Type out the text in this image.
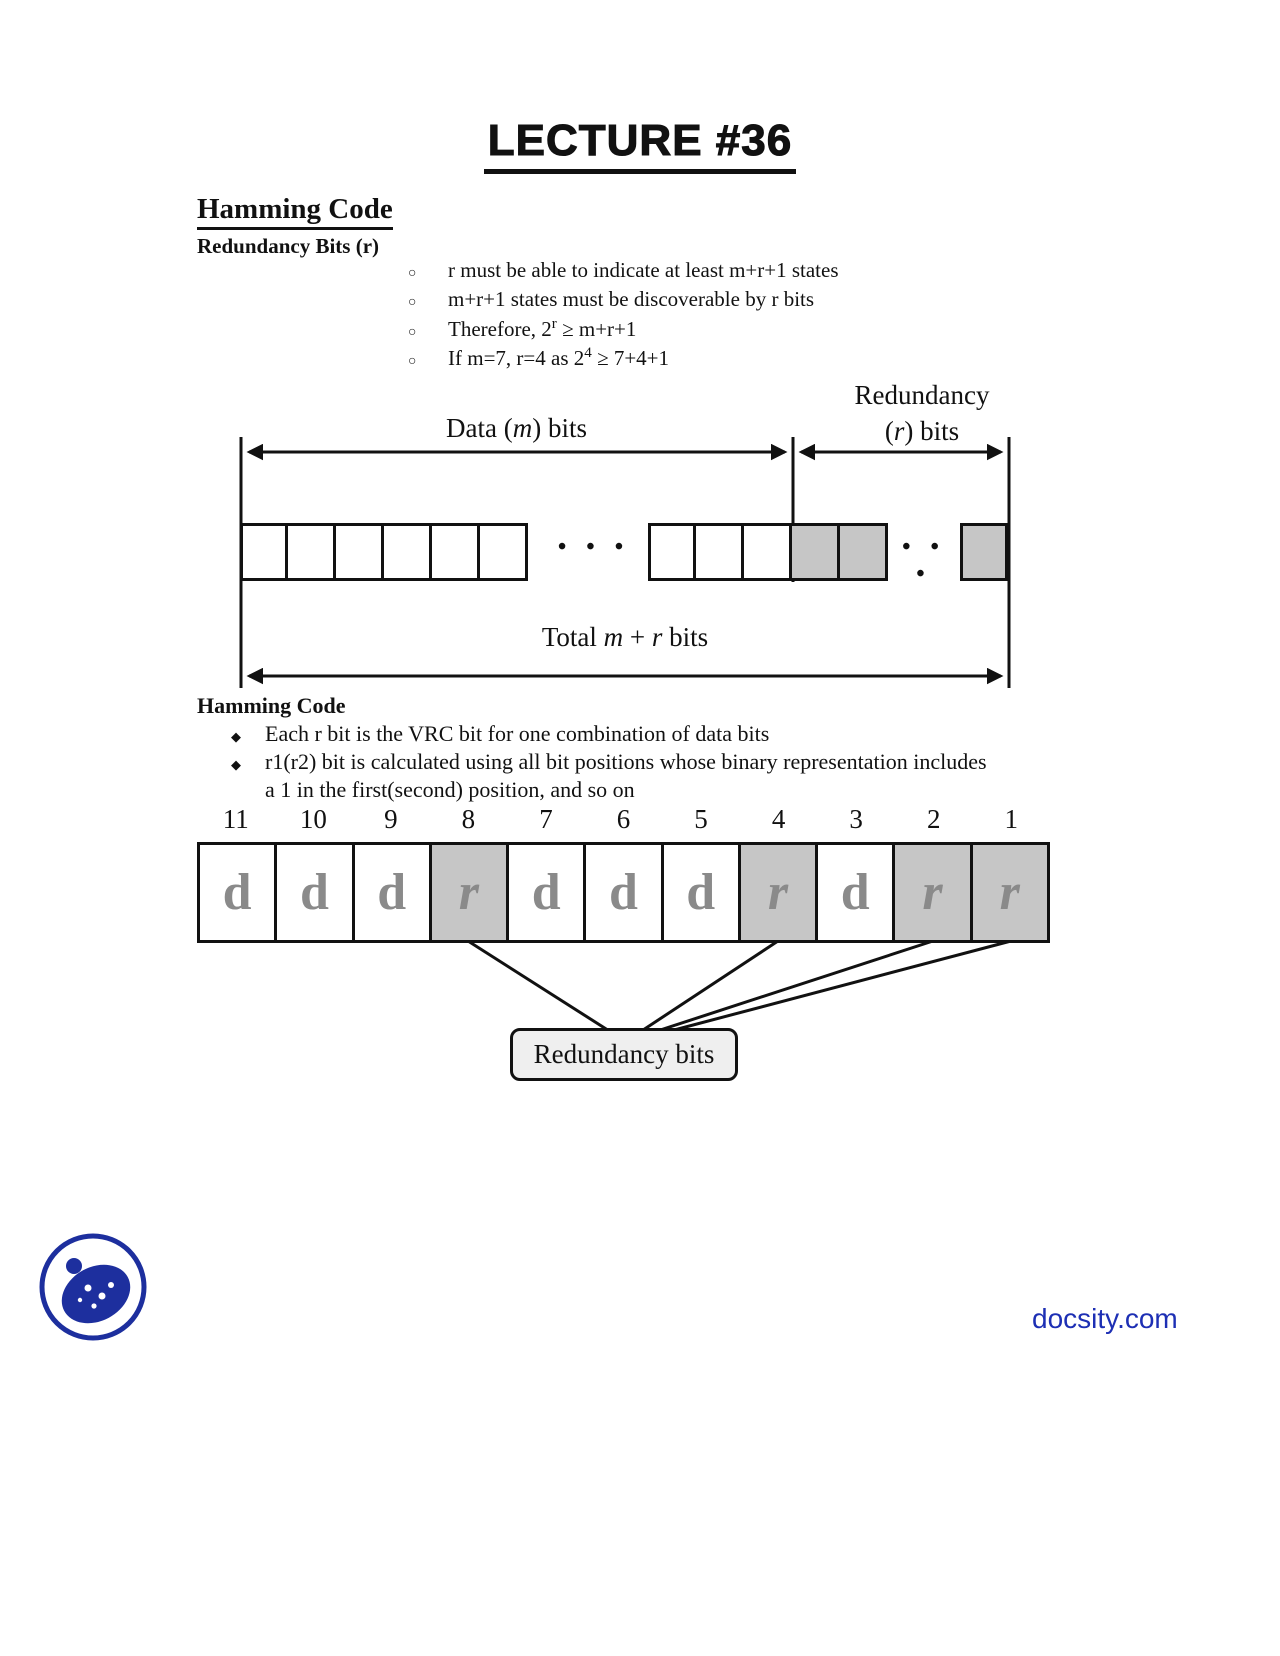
LECTURE #36
Hamming Code
Redundancy Bits (r)
○	r must be able to indicate at least m+r+1 states
○	m+r+1 states must be discoverable by r bits
○	Therefore, $2^r \ge m+r+1$
○	If m=7, r=4 as $2^4 \ge 7+4+1$
Data (m) bits
Redundancy
(r) bits
• • •	• • •
Total m + r bits
Hamming Code
◆	Each r bit is the VRC bit for one combination of data bits
◆	r1(r2) bit is calculated using all bit positions whose binary representation includes
a 1 in the first(second) position, and so on
11	10	9	8	7	6	5	4	3	2	1
d d d r d d d r d r r
Redundancy bits
docsity.com
